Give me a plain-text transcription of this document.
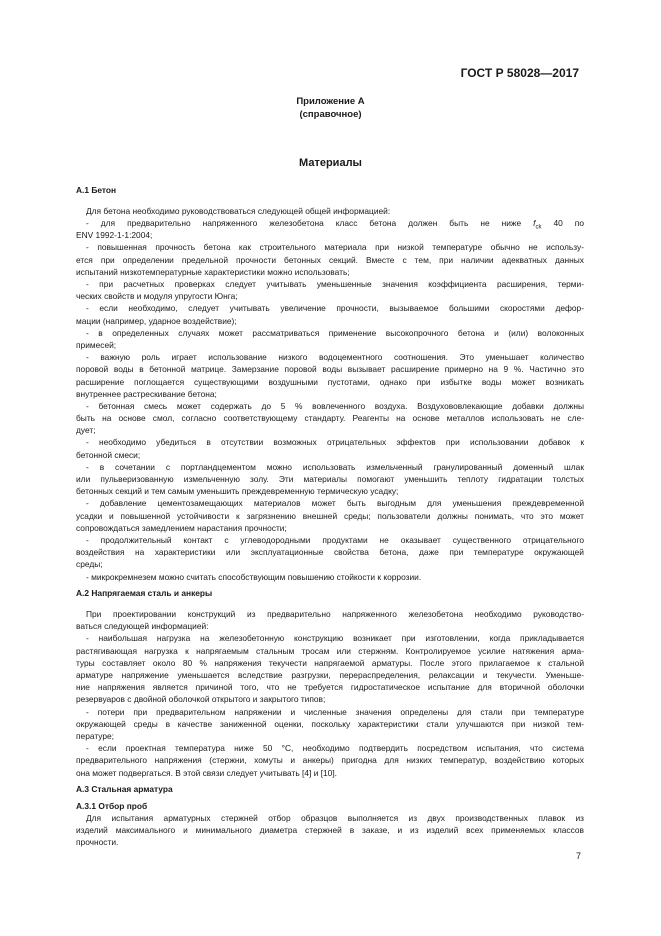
ГОСТ Р 58028—2017
Приложение А
(справочное)
Материалы
А.1 Бетон
Для бетона необходимо руководствоваться следующей общей информацией:
- для предварительно напряженного железобетона класс бетона должен быть не ниже $f_{ck}$ 40 по
ENV 1992-1-1:2004;
- повышенная прочность бетона как строительного материала при низкой температуре обычно не использу-
ется при определении предельной прочности бетонных секций. Вместе с тем, при наличии адекватных данных
испытаний низкотемпературные характеристики можно использовать;
- при расчетных проверках следует учитывать уменьшенные значения коэффициента расширения, терми-
ческих свойств и модуля упругости Юнга;
- если необходимо, следует учитывать увеличение прочности, вызываемое большими скоростями дефор-
мации (например, ударное воздействие);
- в определенных случаях может рассматриваться применение высокопрочного бетона и (или) волоконных
примесей;
- важную роль играет использование низкого водоцементного соотношения. Это уменьшает количество
поровой воды в бетонной матрице. Замерзание поровой воды вызывает расширение примерно на 9 %. Частично это
расширение поглощается существующими воздушными пустотами, однако при избытке воды может возникать
внутреннее растрескивание бетона;
- бетонная смесь может содержать до 5 % вовлеченного воздуха. Воздухововлекающие добавки должны
быть на основе смол, согласно соответствующему стандарту. Реагенты на основе металлов использовать не сле-
дует;
- необходимо убедиться в отсутствии возможных отрицательных эффектов при использовании добавок к
бетонной смеси;
- в сочетании с портландцементом можно использовать измельченный гранулированный доменный шлак
или пульверизованную измельченную золу. Эти материалы помогают уменьшить теплоту гидратации толстых
бетонных секций и тем самым уменьшить преждевременную термическую усадку;
- добавление цементозамещающих материалов может быть выгодным для уменьшения преждевременной
усадки и повышенной устойчивости к загрязнению внешней среды; пользователи должны понимать, что это может
сопровождаться замедлением нарастания прочности;
- продолжительный контакт с углеводородными продуктами не оказывает существенного отрицательного
воздействия на характеристики или эксплуатационные свойства бетона, даже при температуре окружающей
среды;
- микрокремнезем можно считать способствующим повышению стойкости к коррозии.
А.2 Напрягаемая сталь и анкеры
При проектировании конструкций из предварительно напряженного железобетона необходимо руководство-
ваться следующей информацией:
- наибольшая нагрузка на железобетонную конструкцию возникает при изготовлении, когда прикладывается
растягивающая нагрузка к напрягаемым стальным тросам или стержням. Контролируемое усилие натяжения арма-
туры составляет около 80 % напряжения текучести напрягаемой арматуры. После этого прилагаемое к стальной
арматуре напряжение уменьшается вследствие разгрузки, перераспределения, релаксации и текучести. Уменьше-
ние напряжения является причиной того, что не требуется гидростатическое испытание для вторичной оболочки
резервуаров с двойной оболочкой открытого и закрытого типов;
- потери при предварительном напряжении и численные значения определены для стали при температуре
окружающей среды в качестве заниженной оценки, поскольку характеристики стали улучшаются при низкой тем-
пературе;
- если проектная температура ниже 50 °C, необходимо подтвердить посредством испытания, что система
предварительного напряжения (стержни, хомуты и анкеры) пригодна для низких температур, воздействию которых
она может подвергаться. В этой связи следует учитывать [4] и [10].
А.3 Стальная арматура
А.3.1 Отбор проб
Для испытания арматурных стержней отбор образцов выполняется из двух производственных плавок из
изделий максимального и минимального диаметра стержней в заказе, и из изделий всех применяемых классов
прочности.
7
